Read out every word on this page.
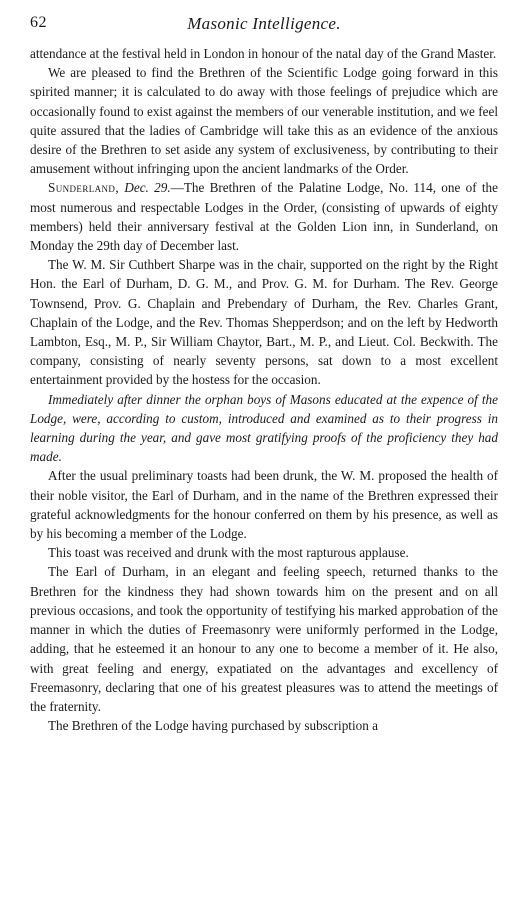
62	Masonic Intelligence.

attendance at the festival held in London in honour of the natal day of the Grand Master.

We are pleased to find the Brethren of the Scientific Lodge going forward in this spirited manner; it is calculated to do away with those feelings of prejudice which are occasionally found to exist against the members of our venerable institution, and we feel quite assured that the ladies of Cambridge will take this as an evidence of the anxious desire of the Brethren to set aside any system of exclusiveness, by contributing to their amusement without infringing upon the ancient landmarks of the Order.

Sunderland, Dec. 29.—The Brethren of the Palatine Lodge, No. 114, one of the most numerous and respectable Lodges in the Order, (consisting of upwards of eighty members) held their anniversary festival at the Golden Lion inn, in Sunderland, on Monday the 29th day of December last.

The W. M. Sir Cuthbert Sharpe was in the chair, supported on the right by the Right Hon. the Earl of Durham, D. G. M., and Prov. G. M. for Durham. The Rev. George Townsend, Prov. G. Chaplain and Prebendary of Durham, the Rev. Charles Grant, Chaplain of the Lodge, and the Rev. Thomas Shepperdson; and on the left by Hedworth Lambton, Esq., M. P., Sir William Chaytor, Bart., M. P., and Lieut. Col. Beckwith. The company, consisting of nearly seventy persons, sat down to a most excellent entertainment provided by the hostess for the occasion.

Immediately after dinner the orphan boys of Masons educated at the expence of the Lodge, were, according to custom, introduced and examined as to their progress in learning during the year, and gave most gratifying proofs of the proficiency they had made.

After the usual preliminary toasts had been drunk, the W. M. proposed the health of their noble visitor, the Earl of Durham, and in the name of the Brethren expressed their grateful acknowledgments for the honour conferred on them by his presence, as well as by his becoming a member of the Lodge.

This toast was received and drunk with the most rapturous applause.

The Earl of Durham, in an elegant and feeling speech, returned thanks to the Brethren for the kindness they had shown towards him on the present and on all previous occasions, and took the opportunity of testifying his marked approbation of the manner in which the duties of Freemasonry were uniformly performed in the Lodge, adding, that he esteemed it an honour to any one to become a member of it. He also, with great feeling and energy, expatiated on the advantages and excellency of Freemasonry, declaring that one of his greatest pleasures was to attend the meetings of the fraternity.

The Brethren of the Lodge having purchased by subscription a
